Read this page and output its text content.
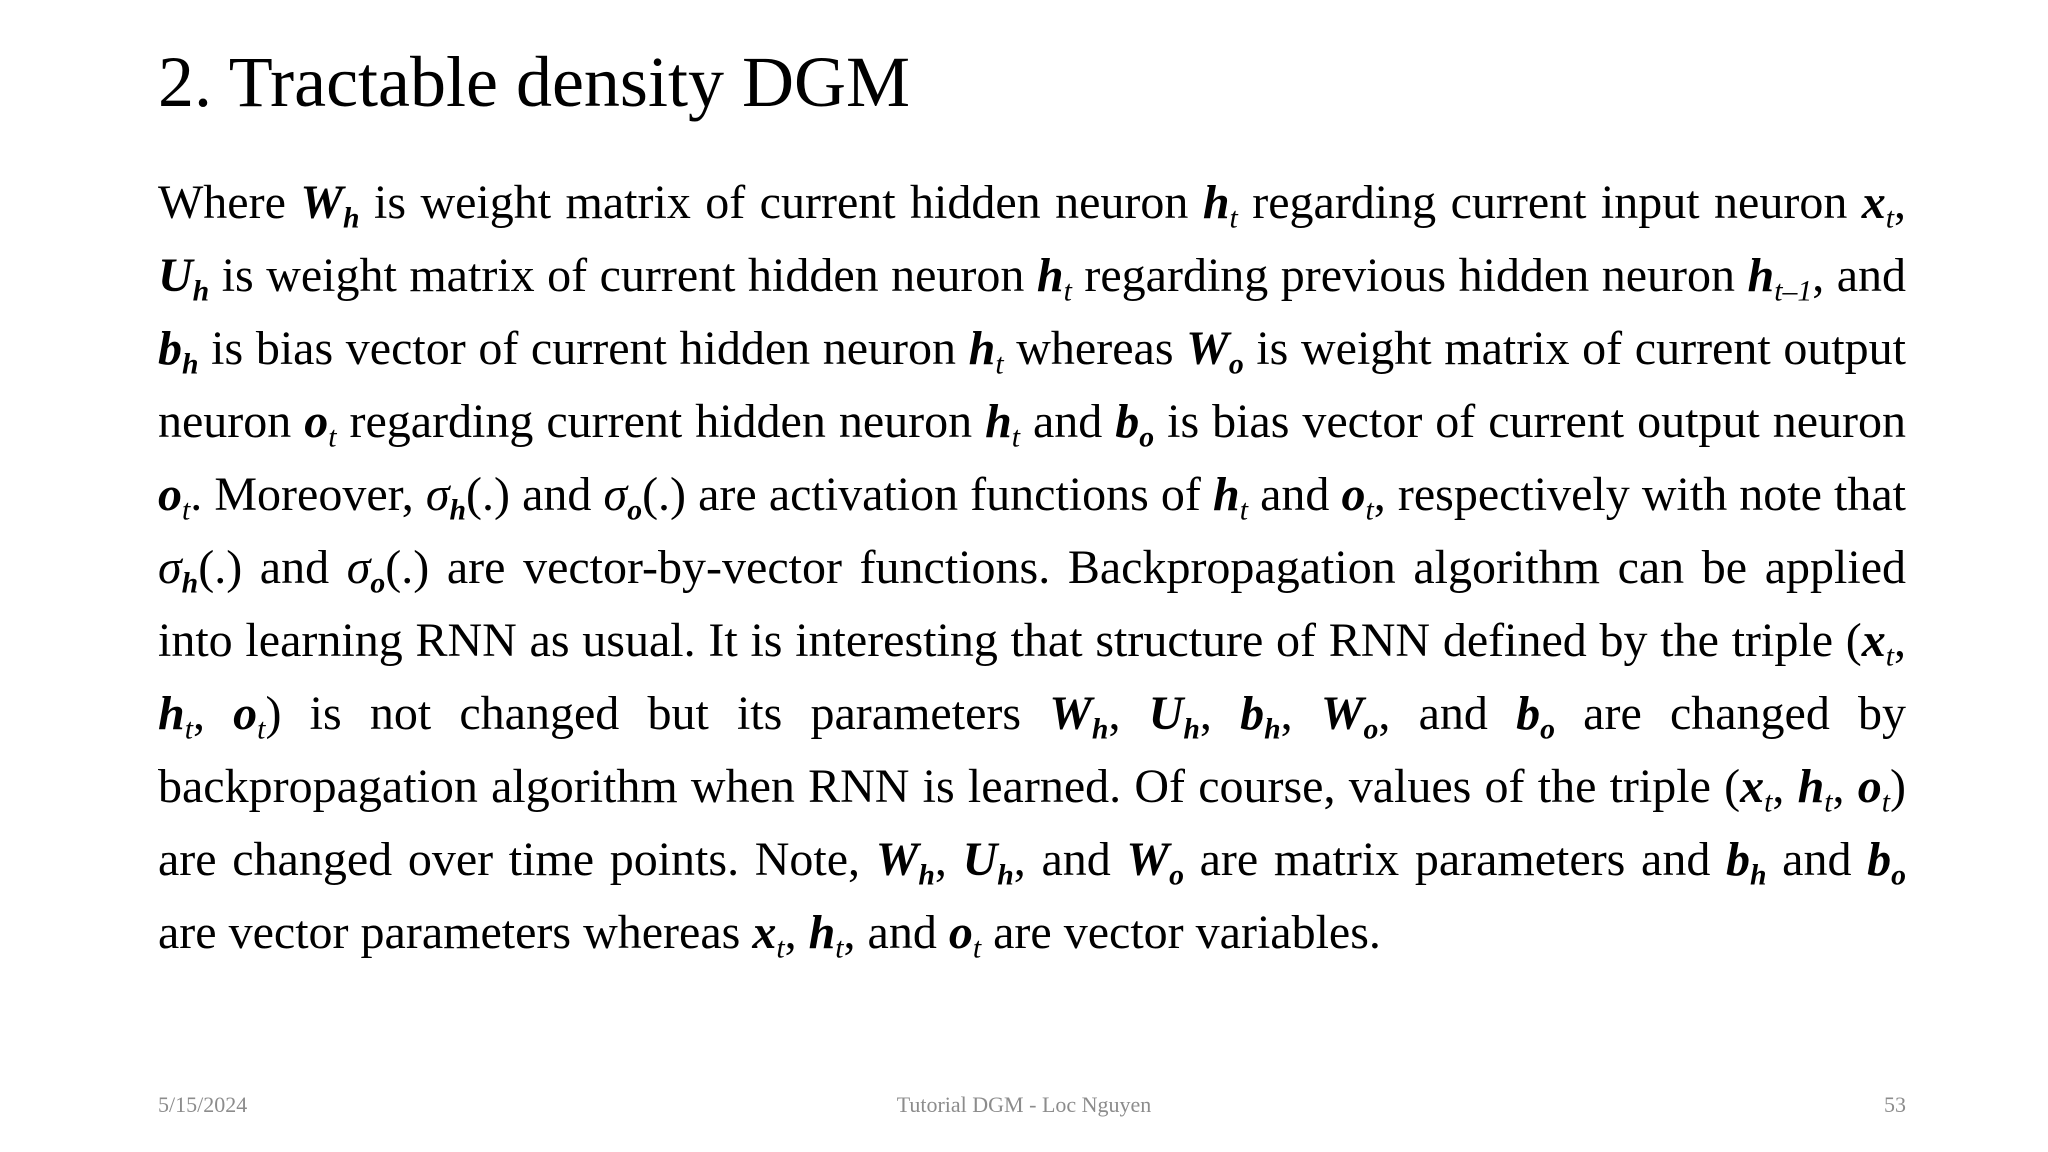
2. Tractable density DGM

Where Wh is weight matrix of current hidden neuron ht regarding current input neuron xt, Uh is weight matrix of current hidden neuron ht regarding previous hidden neuron ht–1, and bh is bias vector of current hidden neuron ht whereas Wo is weight matrix of current output neuron ot regarding current hidden neuron ht and bo is bias vector of current output neuron ot. Moreover, σh(.) and σo(.) are activation functions of ht and ot, respectively with note that σh(.) and σo(.) are vector-by-vector functions. Backpropagation algorithm can be applied into learning RNN as usual. It is interesting that structure of RNN defined by the triple (xt, ht, ot) is not changed but its parameters Wh, Uh, bh, Wo, and bo are changed by backpropagation algorithm when RNN is learned. Of course, values of the triple (xt, ht, ot) are changed over time points. Note, Wh, Uh, and Wo are matrix parameters and bh and bo are vector parameters whereas xt, ht, and ot are vector variables.

5/15/2024	Tutorial DGM - Loc Nguyen	53
